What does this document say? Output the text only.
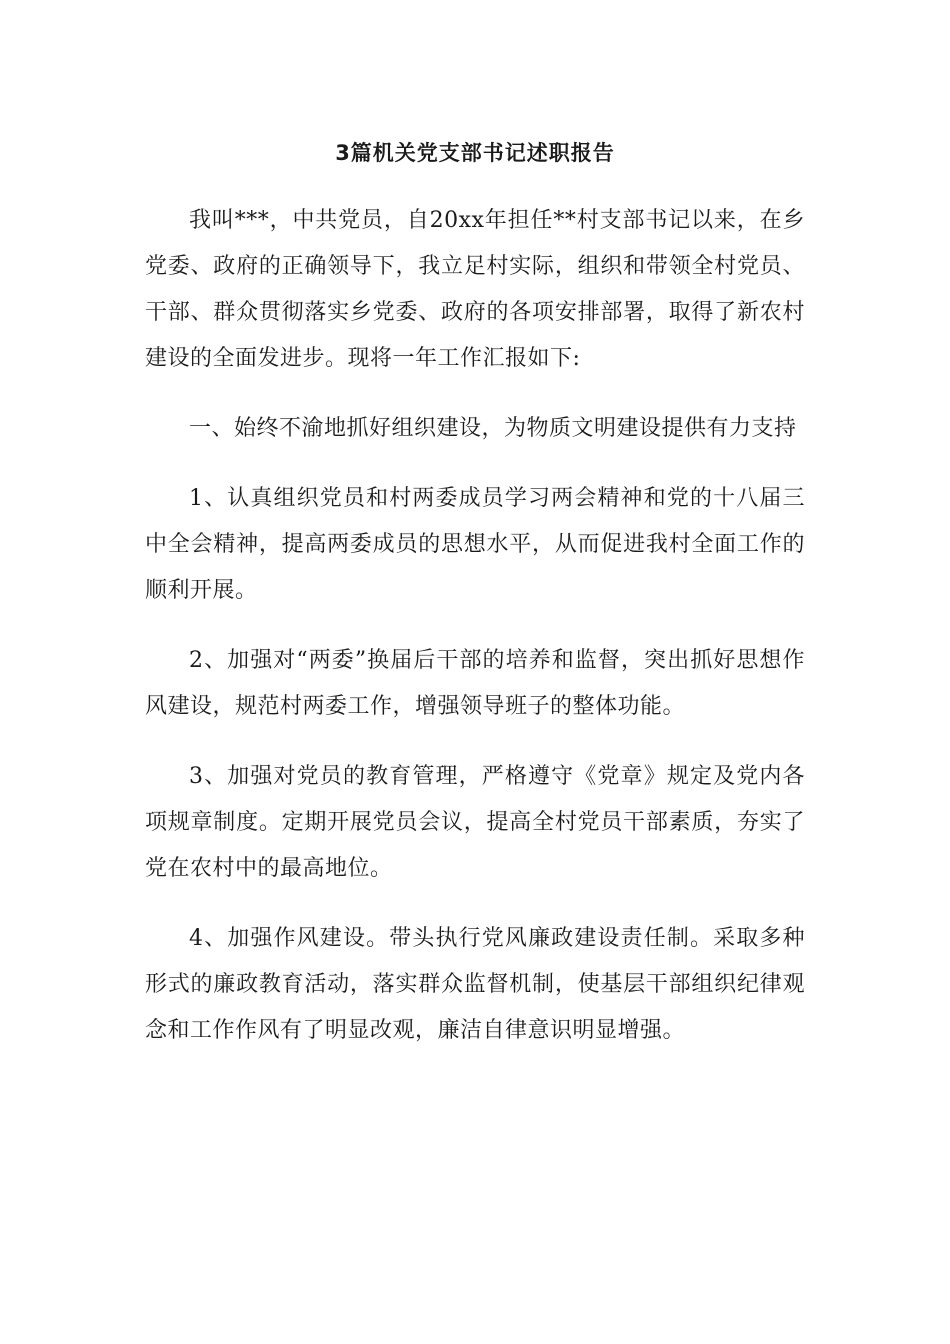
3篇机关党支部书记述职报告

我叫***，中共党员，自20xx年担任**村支部书记以来，在乡党委、政府的正确领导下，我立足村实际，组织和带领全村党员、干部、群众贯彻落实乡党委、政府的各项安排部署，取得了新农村建设的全面发进步。现将一年工作汇报如下:

一、始终不渝地抓好组织建设，为物质文明建设提供有力支持

1、认真组织党员和村两委成员学习两会精神和党的十八届三中全会精神，提高两委成员的思想水平，从而促进我村全面工作的顺利开展。

2、加强对“两委”换届后干部的培养和监督，突出抓好思想作风建设，规范村两委工作，增强领导班子的整体功能。

3、加强对党员的教育管理，严格遵守《党章》规定及党内各项规章制度。定期开展党员会议，提高全村党员干部素质，夯实了党在农村中的最高地位。

4、加强作风建设。带头执行党风廉政建设责任制。采取多种形式的廉政教育活动，落实群众监督机制，使基层干部组织纪律观念和工作作风有了明显改观，廉洁自律意识明显增强。
